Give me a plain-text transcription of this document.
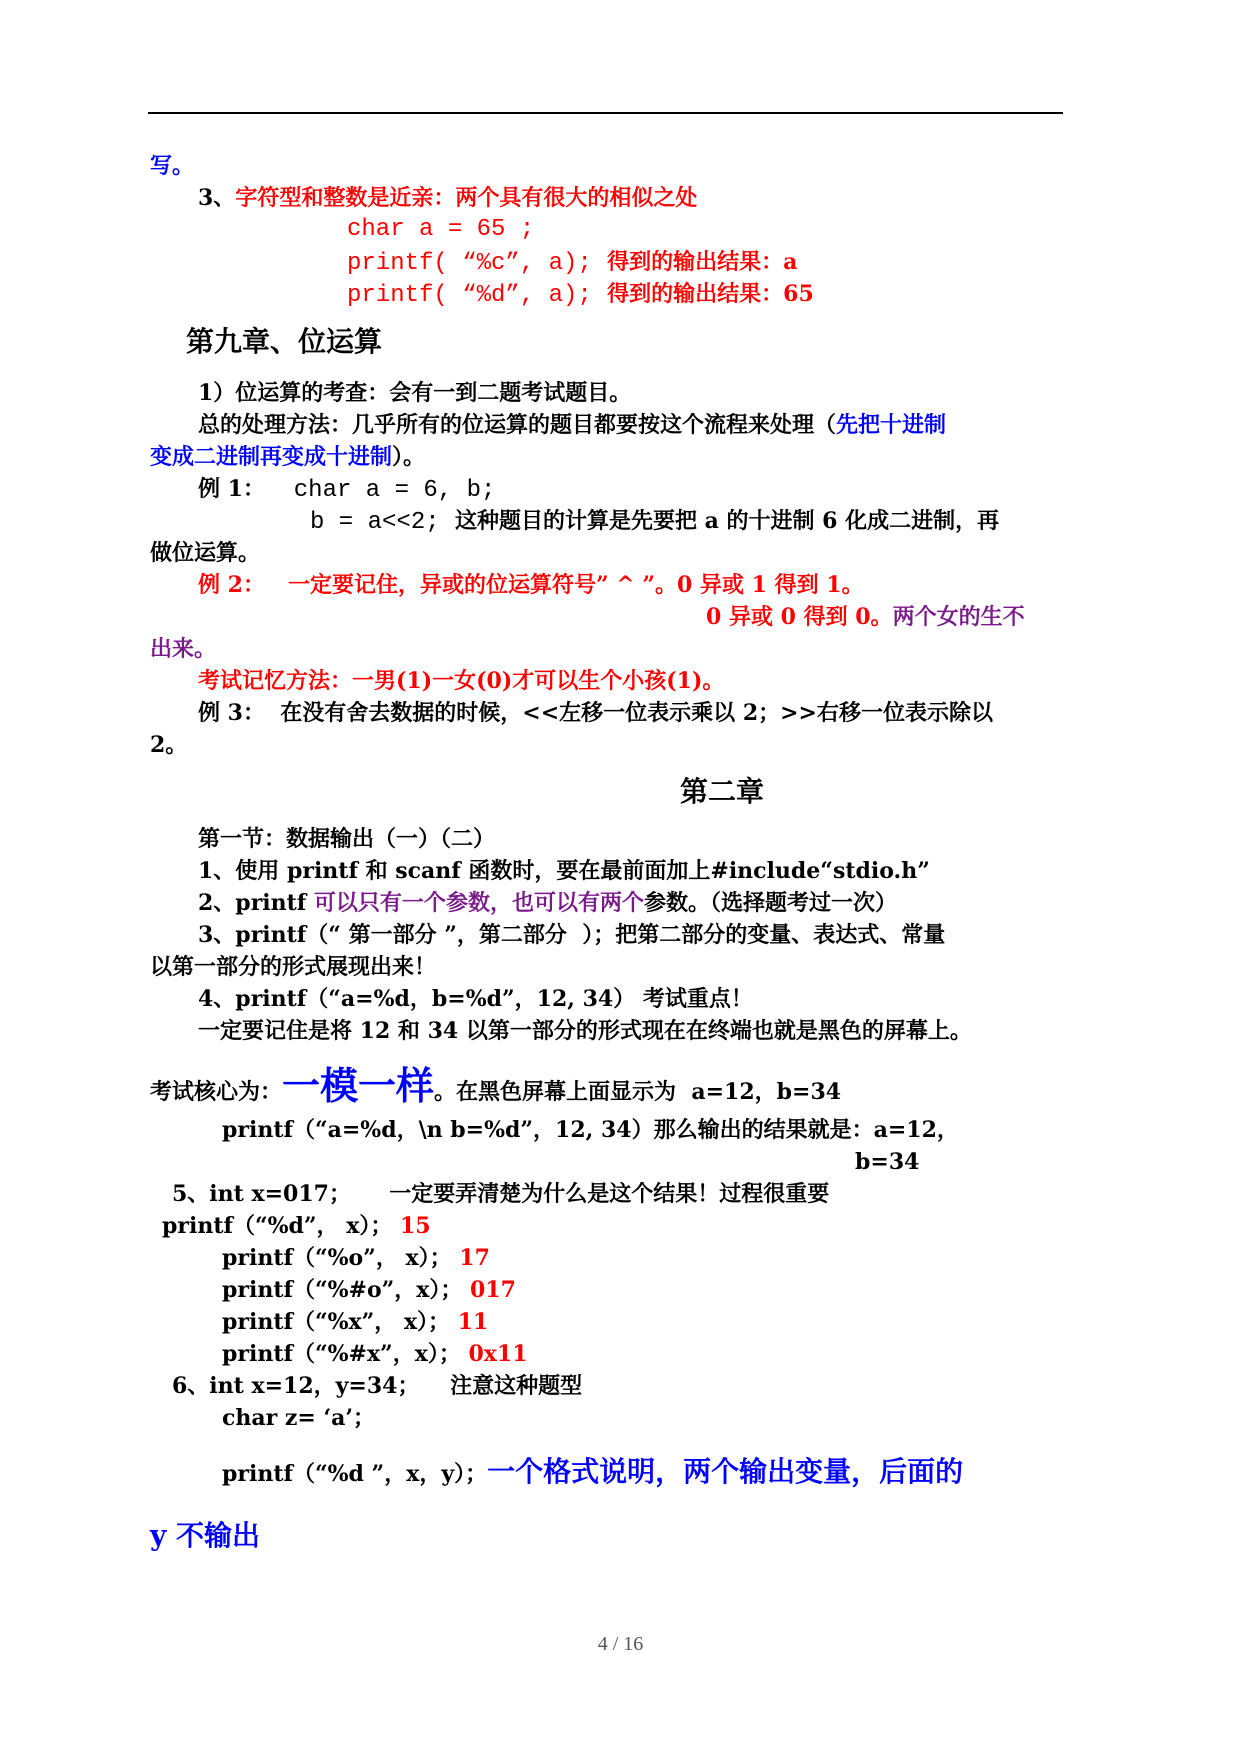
写。
3、字符型和整数是近亲：两个具有很大的相似之处
char a = 65 ;
printf( “%c”, a);  得到的输出结果：a
printf( “%d”, a);  得到的输出结果：65
第九章、位运算
1）位运算的考查：会有一到二题考试题目。
总的处理方法：几乎所有的位运算的题目都要按这个流程来处理（先把十进制
变成二进制再变成十进制）。
例 1：  char a = 6, b;
b = a<<2;  这种题目的计算是先要把 a 的十进制 6 化成二进制，再
做位运算。
例 2：   一定要记住，异或的位运算符号” ^ ”。0 异或 1 得到 1。
0 异或 0 得到 0。两个女的生不
出来。
考试记忆方法：一男(1)一女(0)才可以生个小孩(1)。
例 3：  在没有舍去数据的时候，<<左移一位表示乘以 2；>>右移一位表示除以
2。
第二章
第一节：数据输出（一）（二）
1、使用 printf 和 scanf 函数时，要在最前面加上#include“stdio.h”
2、printf 可以只有一个参数，也可以有两个参数。（选择题考过一次）
3、printf（“ 第一部分 ”，第二部分  ）；把第二部分的变量、表达式、常量
以第一部分的形式展现出来！
4、printf（“a=%d，b=%d”，12, 34） 考试重点！
一定要记住是将 12 和 34 以第一部分的形式现在在终端也就是黑色的屏幕上。
考试核心为：一模一样。在黑色屏幕上面显示为  a=12，b=34
printf（“a=%d，\n b=%d”，12, 34）那么输出的结果就是：a=12，
b=34
5、int x=017；     一定要弄清楚为什么是这个结果！过程很重要
printf（“%d”， x）； 15
printf（“%o”， x）； 17
printf（“%#o”，x）； 017
printf（“%x”， x）； 11
printf（“%#x”，x）； 0x11
6、int x=12，y=34；    注意这种题型
char z= ‘a’；
printf（“%d ”，x，y）；一个格式说明，两个输出变量，后面的
y 不输出
4 / 16
